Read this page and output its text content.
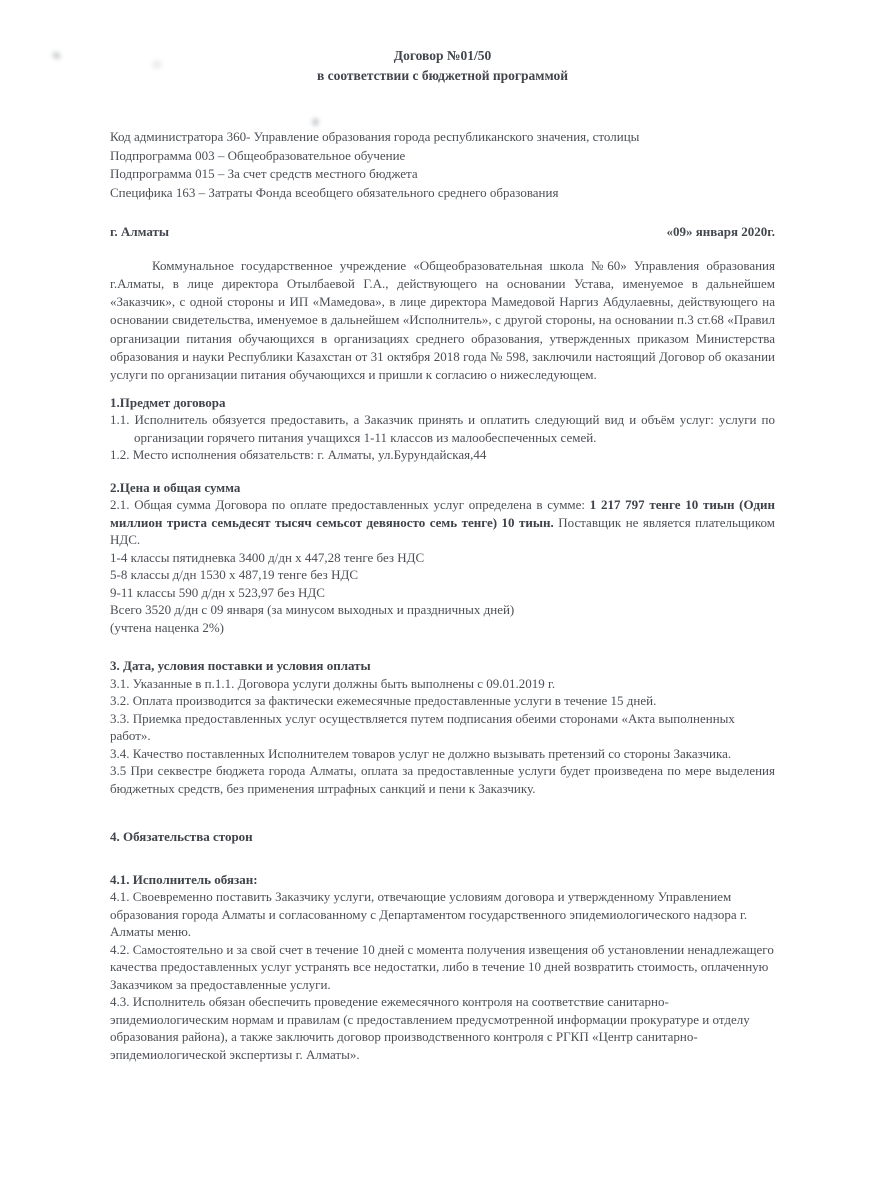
Договор №01/50
в соответствии с бюджетной программой
Код администратора 360- Управление образования города республиканского значения, столицы
Подпрограмма 003 – Общеобразовательное обучение
Подпрограмма 015 – За счет средств местного бюджета
Специфика 163 – Затраты Фонда всеобщего обязательного среднего образования
г. Алматы	«09» января 2020г.

Коммунальное государственное учреждение «Общеобразовательная школа №60» Управления образования г.Алматы, в лице директора Отылбаевой Г.А., действующего на основании Устава, именуемое в дальнейшем «Заказчик», с одной стороны и ИП «Мамедова», в лице директора Мамедовой Наргиз Абдулаевны, действующего на основании свидетельства, именуемое в дальнейшем «Исполнитель», с другой стороны, на основании п.3 ст.68 «Правил организации питания обучающихся в организациях среднего образования, утвержденных приказом Министерства образования и науки Республики Казахстан от 31 октября 2018 года № 598, заключили настоящий Договор об оказании услуги по организации питания обучающихся и пришли к согласию о нижеследующем.

1.Предмет договора

1.1. Исполнитель обязуется предоставить, а Заказчик принять и оплатить следующий вид и объём услуг: услуги по организации горячего питания учащихся 1-11 классов из малообеспеченных семей.

1.2. Место исполнения обязательств: г. Алматы, ул.Бурундайская,44

2.Цена и общая сумма

2.1. Общая сумма Договора по оплате предоставленных услуг определена в сумме: 1 217 797 тенге 10 тиын (Один миллион триста семьдесят тысяч семьсот девяносто семь тенге) 10 тиын. Поставщик не является плательщиком НДС.

1-4 классы пятидневка 3400 д/дн x 447,28 тенге без НДС

5-8 классы д/дн 1530 x 487,19 тенге без НДС

9-11 классы 590 д/дн x 523,97 без НДС

Всего 3520 д/дн с 09 января (за минусом выходных и праздничных дней)

(учтена наценка 2%)

3. Дата, условия поставки и условия оплаты

3.1. Указанные в п.1.1. Договора услуги должны быть выполнены с 09.01.2019 г.

3.2. Оплата производится за фактически ежемесячные предоставленные услуги в течение 15 дней.

3.3. Приемка предоставленных услуг осуществляется путем подписания обеими сторонами «Акта выполненных работ».

3.4. Качество поставленных Исполнителем товаров услуг не должно вызывать претензий со стороны Заказчика.

3.5 При секвестре бюджета города Алматы, оплата за предоставленные услуги будет произведена по мере выделения бюджетных средств, без применения штрафных санкций и пени к Заказчику.

4. Обязательства сторон
4.1. Исполнитель обязан:

4.1. Своевременно поставить Заказчику услуги, отвечающие условиям договора и утвержденному Управлением образования города Алматы и согласованному с Департаментом государственного эпидемиологического надзора г. Алматы меню.

4.2. Самостоятельно и за свой счет в течение 10 дней с момента получения извещения об установлении ненадлежащего качества предоставленных услуг устранять все недостатки, либо в течение 10 дней возвратить стоимость, оплаченную Заказчиком за предоставленные услуги.

4.3. Исполнитель обязан обеспечить проведение ежемесячного контроля на соответствие санитарно-эпидемиологическим нормам и правилам (с предоставлением предусмотренной информации прокуратуре и отделу образования района), а также заключить договор производственного контроля с РГКП «Центр санитарно- эпидемиологической экспертизы г. Алматы».
